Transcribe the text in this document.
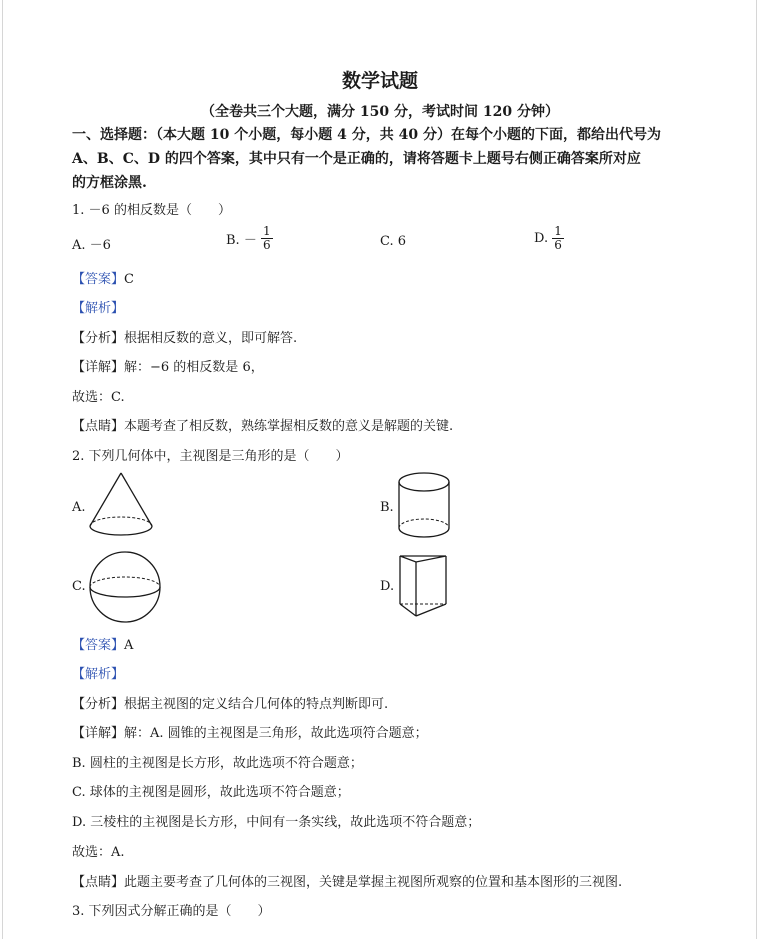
数学试题
（全卷共三个大题，满分 150 分，考试时间 120 分钟）
一、选择题：（本大题 10 个小题，每小题 4 分，共 40 分）在每个小题的下面，都给出代号为
A、B、C、D 的四个答案，其中只有一个是正确的，请将答题卡上题号右侧正确答案所对应
的方框涂黑.
1. －6 的相反数是（　　）
A. －6	B. － $\frac{1}{6}$	C. 6	D. $\frac{1}{6}$
【答案】C
【解析】
【分析】根据相反数的意义，即可解答.
【详解】解：−6 的相反数是 6，
故选：C.
【点睛】本题考查了相反数，熟练掌握相反数的意义是解题的关键.
2. 下列几何体中，主视图是三角形的是（　　）
A.	B.
C.	D.
【答案】A
【解析】
【分析】根据主视图的定义结合几何体的特点判断即可.
【详解】解：A. 圆锥的主视图是三角形，故此选项符合题意；
B. 圆柱的主视图是长方形，故此选项不符合题意；
C. 球体的主视图是圆形，故此选项不符合题意；
D. 三棱柱的主视图是长方形，中间有一条实线，故此选项不符合题意；
故选：A.
【点睛】此题主要考查了几何体的三视图，关键是掌握主视图所观察的位置和基本图形的三视图.
3. 下列因式分解正确的是（　　）
